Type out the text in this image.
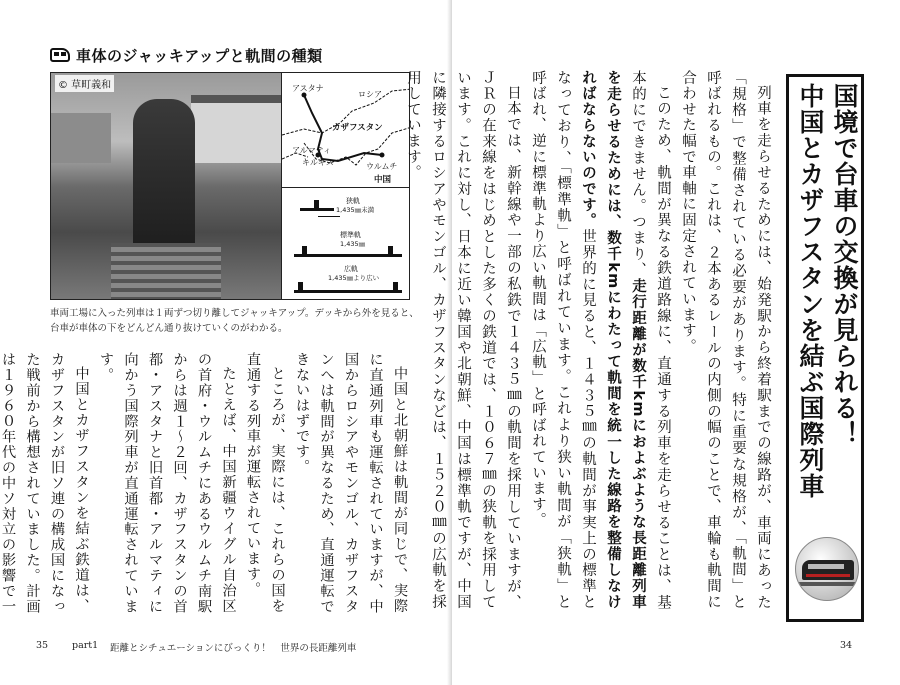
車体のジャッキアップと軌間の種類
© 草町義和	アスタナ
ロシア
カザフスタン
アルマティ
キルギス	ウルムチ
中国
狭軌
1,435㎜未満
標準軌
1,435㎜
広軌
1,435㎜より広い
車両工場に入った列車は１両ずつ切り離してジャッキアップ。デッキから外を見ると、台車が車体の下をどんどん通り抜けていくのがわかる。

中国と北朝鮮は軌間が同じで、実際に直通列車も運転されていますが、中国からロシアやモンゴル、カザフスタンへは軌間が異なるため、直通運転できないはずです。

ところが、実際には、これらの国を直通する列車が運転されています。

たとえば、中国新疆ウイグル自治区の首府・ウルムチにあるウルムチ南駅からは週１〜２回、カザフスタンの首都・アスタナと旧首都・アルマティに向かう国際列車が直通運転されています。

中国とカザフスタンを結ぶ鉄道は、カザフスタンが旧ソ連の構成国になった戦前から構想されていました。計画は１９６０年代の中ソ対立の影響で一

35	part1 距離とシチュエーションにびっくり！　世界の長距離列車

列車を走らせるためには、始発駅から終着駅までの線路が、車両にあった「規格」で整備されている必要があります。特に重要な規格が、「軌間」と呼ばれるもの。これは、２本あるレールの内側の幅のことで、車輪も軌間に合わせた幅で車軸に固定されています。

このため、軌間が異なる鉄道路線に、直通する列車を走らせることは、基本的にできません。つまり、走行距離が数千kmにおよぶような長距離列車を走らせるためには、数千kmにわたって軌間を統一した線路を整備しなければならないのです。世界的に見ると、１４３５㎜の軌間が事実上の標準となっており、「標準軌」と呼ばれています。これより狭い軌間が「狭軌」と呼ばれ、逆に標準軌より広い軌間は「広軌」と呼ばれています。

日本では、新幹線や一部の私鉄で１４３５㎜の軌間を採用していますが、ＪＲの在来線をはじめとした多くの鉄道では、１０６７㎜の狭軌を採用しています。これに対し、日本に近い韓国や北朝鮮、中国は標準軌ですが、中国に隣接するロシアやモンゴル、カザフスタンなどは、１５２０㎜の広軌を採用しています。	国境で台車の交換が見られる！
中国とカザフスタンを結ぶ国際列車
34
